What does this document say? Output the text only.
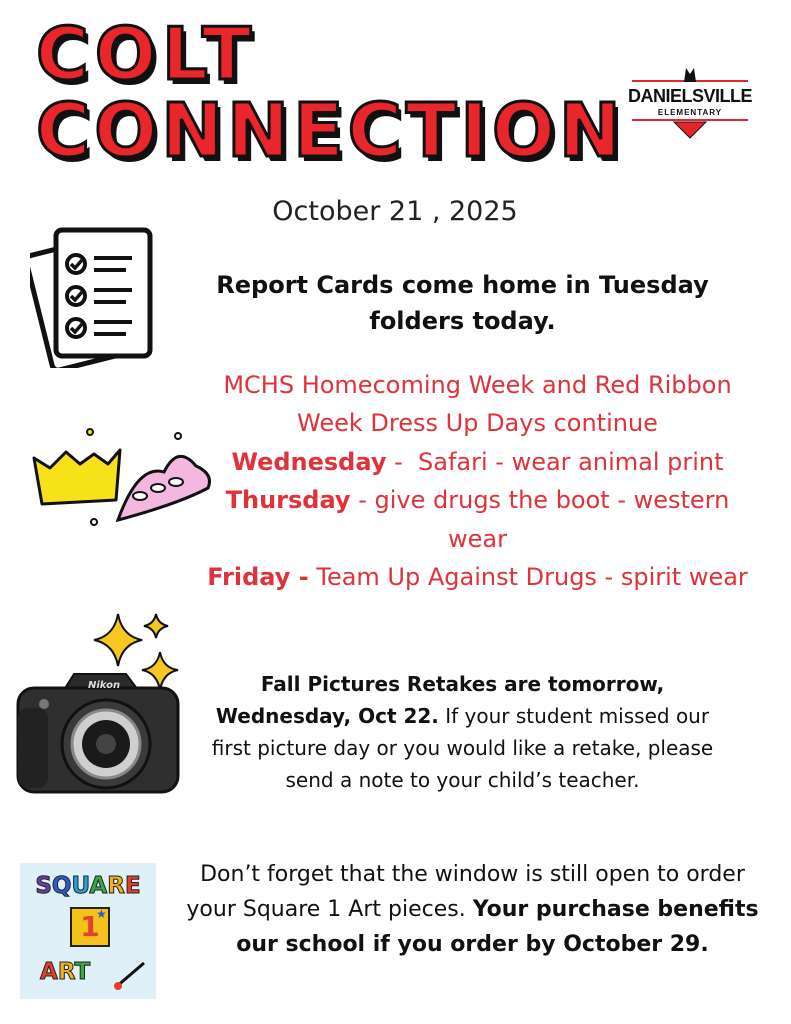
COLT
CONNECTION DANIELSVILLE
ELEMENTARY
October 21 , 2025
Report Cards come home in Tuesday folders today.
MCHS Homecoming Week and Red Ribbon Week Dress Up Days continue
Wednesday -  Safari - wear animal print
Thursday - give drugs the boot - western wear
Friday - Team Up Against Drugs - spirit wear
Nikon	Fall Pictures Retakes are tomorrow, Wednesday, Oct 22. If your student missed our first picture day or you would like a retake, please send a note to your child’s teacher.
SQUARE
1
★
ART
Don’t forget that the window is still open to order your Square 1 Art pieces. Your purchase benefits our school if you order by October 29.
